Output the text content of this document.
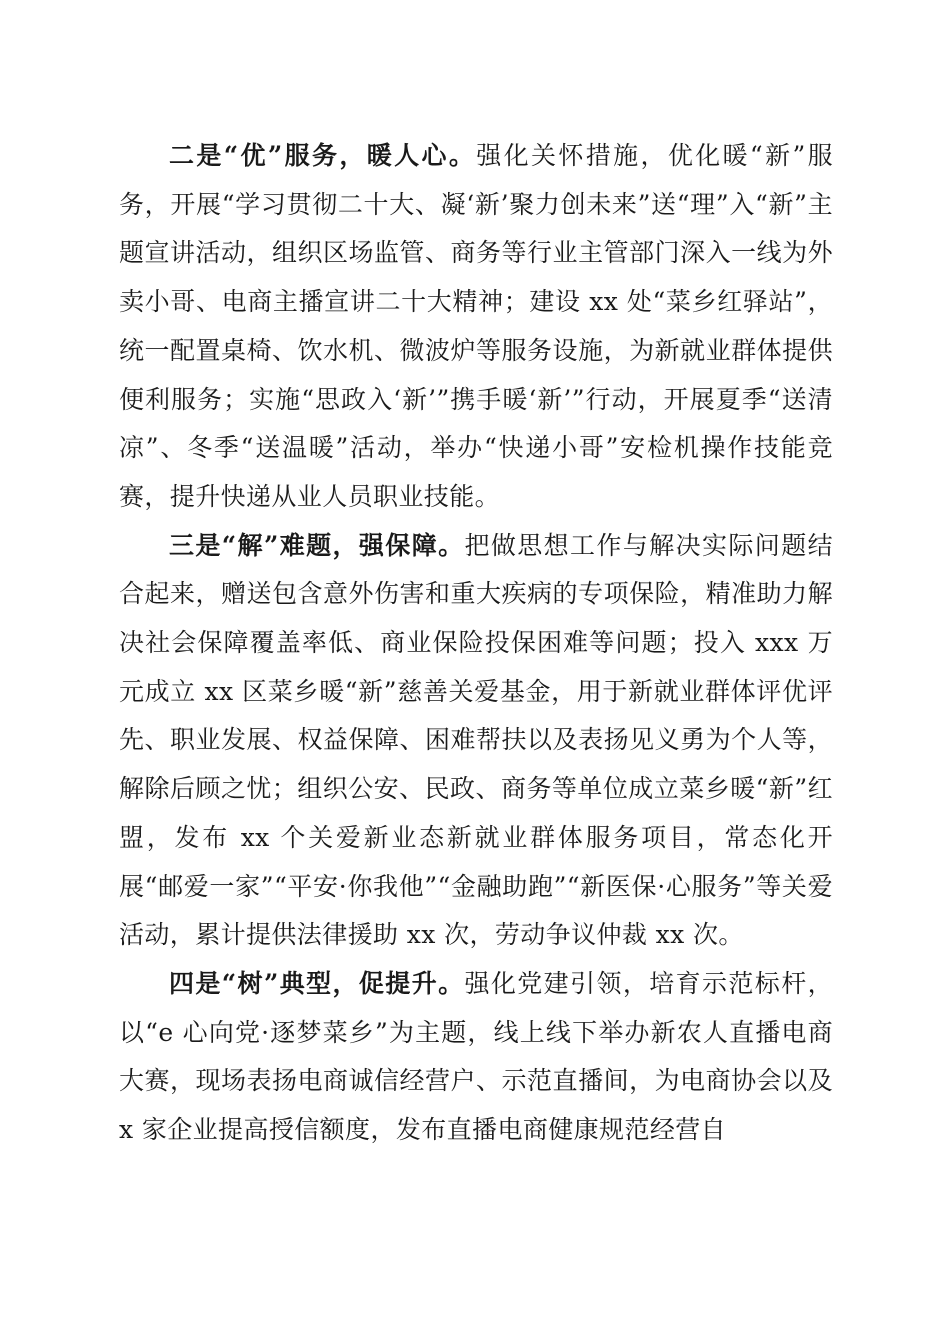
二是“优”服务，暖人心。强化关怀措施，优化暖“新”服务，开展“学习贯彻二十大、凝‘新’聚力创未来”送“理”入“新”主题宣讲活动，组织区场监管、商务等行业主管部门深入一线为外卖小哥、电商主播宣讲二十大精神；建设 xx 处“菜乡红驿站”，统一配置桌椅、饮水机、微波炉等服务设施，为新就业群体提供便利服务；实施“思政入‘新’”携手暖‘新’”行动，开展夏季“送清凉”、冬季“送温暖”活动，举办“快递小哥”安检机操作技能竞赛，提升快递从业人员职业技能。

三是“解”难题，强保障。把做思想工作与解决实际问题结合起来，赠送包含意外伤害和重大疾病的专项保险，精准助力解决社会保障覆盖率低、商业保险投保困难等问题；投入 xxx 万元成立 xx 区菜乡暖“新”慈善关爱基金，用于新就业群体评优评先、职业发展、权益保障、困难帮扶以及表扬见义勇为个人等，解除后顾之忧；组织公安、民政、商务等单位成立菜乡暖“新”红盟，发布 xx 个关爱新业态新就业群体服务项目，常态化开展“邮爱一家”“平安·你我他”“金融助跑”“新医保·心服务”等关爱活动，累计提供法律援助 xx 次，劳动争议仲裁 xx 次。

四是“树”典型，促提升。强化党建引领，培育示范标杆，以“e 心向党·逐梦菜乡”为主题，线上线下举办新农人直播电商大赛，现场表扬电商诚信经营户、示范直播间，为电商协会以及 x 家企业提高授信额度，发布直播电商健康规范经营自
